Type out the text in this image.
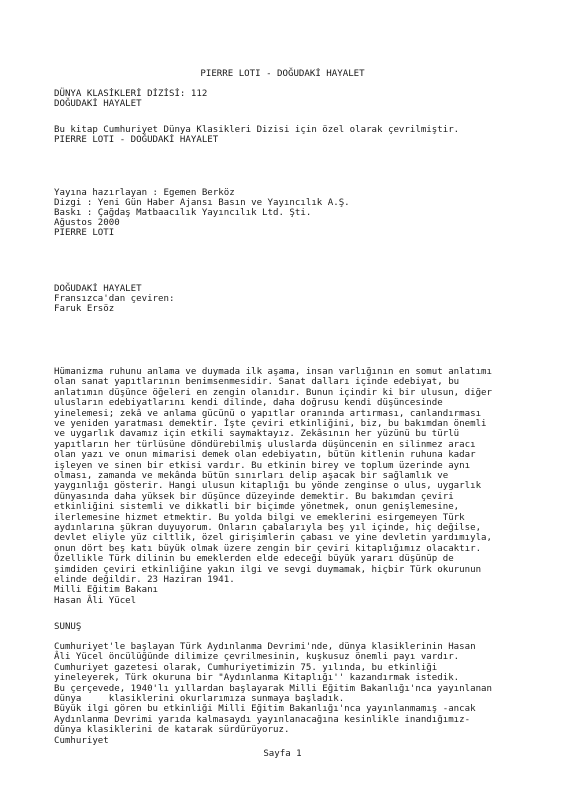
PIERRE LOTI - DOĞUDAKİ HAYALET
DÜNYA KLASİKLERİ DİZİSİ: 112
DOĞUDAKİ HAYALET
Bu kitap Cumhuriyet Dünya Klasikleri Dizisi için özel olarak çevrilmiştir.
PIERRE LOTI - DOĞUDAKİ HAYALET
Yayına hazırlayan : Egemen Berköz
Dizgi : Yeni Gün Haber Ajansı Basın ve Yayıncılık A.Ş.
Baskı : Çağdaş Matbaacılık Yayıncılık Ltd. Şti.
Ağustos 2000
PIERRE LOTI
DOĞUDAKİ HAYALET
Fransızca'dan çeviren:
Faruk Ersöz
Hümanizma ruhunu anlama ve duymada ilk aşama, insan varlığının en somut anlatımı
olan sanat yapıtlarının benimsenmesidir. Sanat dalları içinde edebiyat, bu
anlatımın düşünce öğeleri en zengin olanıdır. Bunun içindir ki bir ulusun, diğer
ulusların edebiyatlarını kendi dilinde, daha doğrusu kendi düşüncesinde
yinelemesi; zekâ ve anlama gücünü o yapıtlar oranında artırması, canlandırması
ve yeniden yaratması demektir. İşte çeviri etkinliğini, biz, bu bakımdan önemli
ve uygarlık davamız için etkili saymaktayız. Zekâsının her yüzünü bu türlü
yapıtların her türlüsüne döndürebilmiş uluslarda düşüncenin en silinmez aracı
olan yazı ve onun mimarisi demek olan edebiyatın, bütün kitlenin ruhuna kadar
işleyen ve sinen bir etkisi vardır. Bu etkinin birey ve toplum üzerinde aynı
olması, zamanda ve mekânda bütün sınırları delip aşacak bir sağlamlık ve
yaygınlığı gösterir. Hangi ulusun kitaplığı bu yönde zenginse o ulus, uygarlık
dünyasında daha yüksek bir düşünce düzeyinde demektir. Bu bakımdan çeviri
etkinliğini sistemli ve dikkatli bir biçimde yönetmek, onun genişlemesine,
ilerlemesine hizmet etmektir. Bu yolda bilgi ve emeklerini esirgemeyen Türk
aydınlarına şükran duyuyorum. Onların çabalarıyla beş yıl içinde, hiç değilse,
devlet eliyle yüz ciltlik, özel girişimlerin çabası ve yine devletin yardımıyla,
onun dört beş katı büyük olmak üzere zengin bir çeviri kitaplığımız olacaktır.
Özellikle Türk dilinin bu emeklerden elde edeceği büyük yararı düşünüp de
şimdiden çeviri etkinliğine yakın ilgi ve sevgi duymamak, hiçbir Türk okurunun
elinde değildir. 23 Haziran 1941.
Milli Eğitim Bakanı
Hasan Âli Yücel
SUNUŞ
Cumhuriyet'le başlayan Türk Aydınlanma Devrimi'nde, dünya klasiklerinin Hasan
Âli Yücel öncülüğünde dilimize çevrilmesinin, kuşkusuz önemli payı vardır.
Cumhuriyet gazetesi olarak, Cumhuriyetimizin 75. yılında, bu etkinliği
yineleyerek, Türk okuruna bir "Aydınlanma Kitaplığı'' kazandırmak istedik.
Bu çerçevede, 1940'lı yıllardan başlayarak Milli Eğitim Bakanlığı'nca yayınlanan
dünya     klasiklerini okurlarımıza sunmaya başladık.
Büyük ilgi gören bu etkinliği Milli Eğitim Bakanlığı'nca yayınlanmamış -ancak
Aydınlanma Devrimi yarıda kalmasaydı yayınlanacağına kesinlikle inandığımız-
dünya klasiklerini de katarak sürdürüyoruz.
Cumhuriyet
Sayfa 1
